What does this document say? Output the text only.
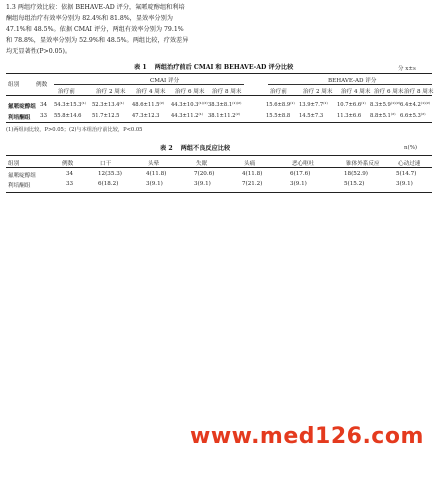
1.3 两组疗效比较：依据 BEHAVE-AD 评分，氟哌啶醇组和利培
酮组每组治疗有效率分别为 82.4%和 81.8%，显效率分别为
47.1%和 48.5%。依据 CMAI 评分，两组有效率分别为 79.1%
和 78.8%，显效率分别为 52.9%和 48.5%。两组比较，疗效差异
均无显著性(P>0.05)。
表 1 两组治疗前后 CMAI 和 BEHAVE-AD 评分比较	分 x±s
组别	例数
CMAI 评分	BEHAVE-AD 评分
治疗前	治疗 2 周末 治疗 4 周末 治疗 6 周末 治疗 8 周末	治疗前	治疗 2 周末 治疗 4 周末 治疗 6 周末 治疗 8 周末
氟哌啶醇组 34 54.3±15.3⁽¹⁾ 52.3±13.4⁽¹⁾ 48.6±11.5⁽²⁾ 44.3±10.3⁽¹⁾⁽²⁾ 38.3±8.1⁽¹⁾⁽²⁾	15.6±8.9⁽¹⁾ 13.9±7.7⁽¹⁾ 10.7±6.6⁽¹⁾ 8.3±5.9⁽¹⁾⁽²⁾ 6.4±4.2⁽¹⁾⁽²⁾
利培酮组 33 55.8±14.6 51.7±12.5 47.3±12.3 44.3±11.2⁽¹⁾ 38.1±11.2⁽²⁾	15.5±8.8 14.5±7.3	11.3±6.6 8.8±5.1⁽²⁾ 6.6±5.3⁽²⁾
(1)两组间比较，P>0.05；(2)与本组治疗前比较，P<0.05
表 2 两组不良反应比较	n(%)
组别	例数	口干	头晕	失眠	头痛	恶心呕吐	锥体外系反应	心动过速
氟哌啶醇组	34	12(35.3)	4(11.8)	7(20.6)	4(11.8)	6(17.6)	18(52.9)	5(14.7)
利培酮组	33	6(18.2)	3(9.1)	3(9.1)	7(21.2)	3(9.1)	5(15.2)	3(9.1)
www.med126.com
